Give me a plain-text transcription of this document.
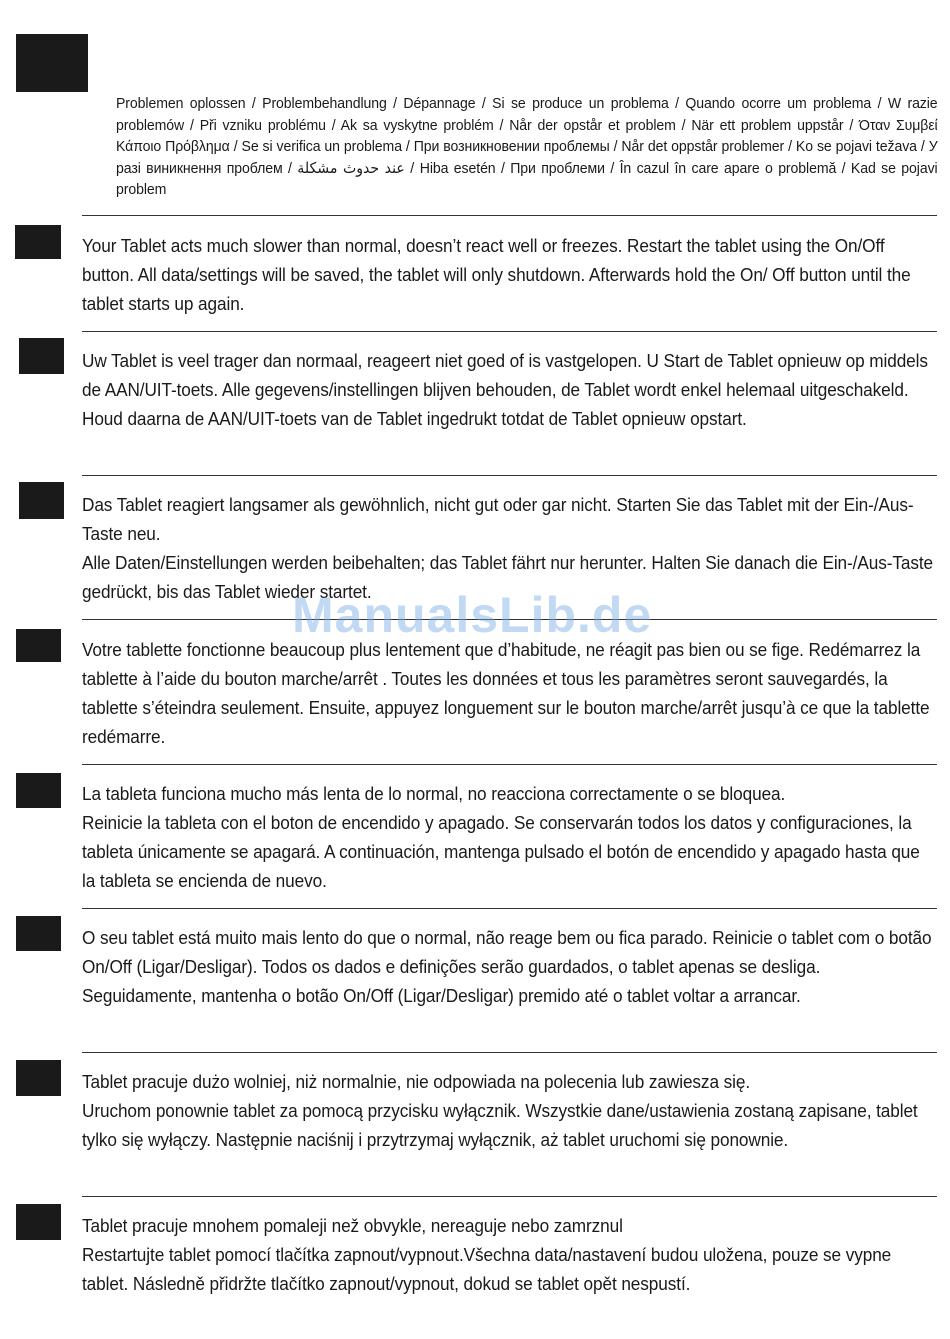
Problemen oplossen / Problembehandlung / Dépannage / Si se produce un problema / Quando ocorre um problema / W razie problemów / Při vzniku problému / Ak sa vyskytne problém / Når der opstår et problem / När ett problem uppstår / Όταν Συμβεί Κάποιο Πρόβλημα / Se si verifica un problema / При возникновении проблемы / Når det oppstår problemer / Ko se pojavi težava / У разі виникнення проблем / عند حدوث مشكلة / Hiba esetén / При проблеми / În cazul în care apare o problemă / Kad se pojavi problem
Your Tablet acts much slower than normal, doesn’t react well or freezes. Restart the tablet using the On/Off button. All data/settings will be saved, the tablet will only shutdown. Afterwards hold the On/ Off button until the tablet starts up again.
Uw Tablet is veel trager dan normaal, reageert niet goed of is vastgelopen. U Start de Tablet opnieuw op middels de AAN/UIT-toets. Alle gegevens/instellingen blijven behouden, de Tablet wordt enkel helemaal uitgeschakeld. Houd daarna de AAN/UIT-toets van de Tablet ingedrukt totdat de Tablet opnieuw opstart.
Das Tablet reagiert langsamer als gewöhnlich, nicht gut oder gar nicht. Starten Sie das Tablet mit der Ein-/Aus-Taste neu.
Alle Daten/Einstellungen werden beibehalten; das Tablet fährt nur herunter. Halten Sie danach die Ein-/Aus-Taste gedrückt, bis das Tablet wieder startet.
Votre tablette fonctionne beaucoup plus lentement que d’habitude, ne réagit pas bien ou se fige. Redémarrez la tablette à l’aide du bouton marche/arrêt . Toutes les données et tous les paramètres seront sauvegardés, la tablette s’éteindra seulement. Ensuite, appuyez longuement sur le bouton marche/arrêt jusqu’à ce que la tablette redémarre.
La tableta funciona mucho más lenta de lo normal, no reacciona correctamente o se bloquea.
Reinicie la tableta con el boton de encendido y apagado. Se conservarán todos los datos y configuraciones, la tableta únicamente se apagará. A continuación, mantenga pulsado el botón de encendido y apagado hasta que la tableta se encienda de nuevo.
O seu tablet está muito mais lento do que o normal, não reage bem ou fica parado. Reinicie o tablet com o botão On/Off (Ligar/Desligar). Todos os dados e definições serão guardados, o tablet apenas se desliga. Seguidamente, mantenha o botão On/Off (Ligar/Desligar) premido até o tablet voltar a arrancar.
Tablet pracuje dużo wolniej, niż normalnie, nie odpowiada na polecenia lub zawiesza się.
Uruchom ponownie tablet za pomocą przycisku wyłącznik. Wszystkie dane/ustawienia zostaną zapisane, tablet tylko się wyłączy. Następnie naciśnij i przytrzymaj wyłącznik, aż tablet uruchomi się ponownie.
Tablet pracuje mnohem pomaleji než obvykle, nereaguje nebo zamrznul
Restartujte tablet pomocí tlačítka zapnout/vypnout.Všechna data/nastavení budou uložena, pouze se vypne tablet. Následně přidržte tlačítko zapnout/vypnout, dokud se tablet opět nespustí.
ManualsLib.de
